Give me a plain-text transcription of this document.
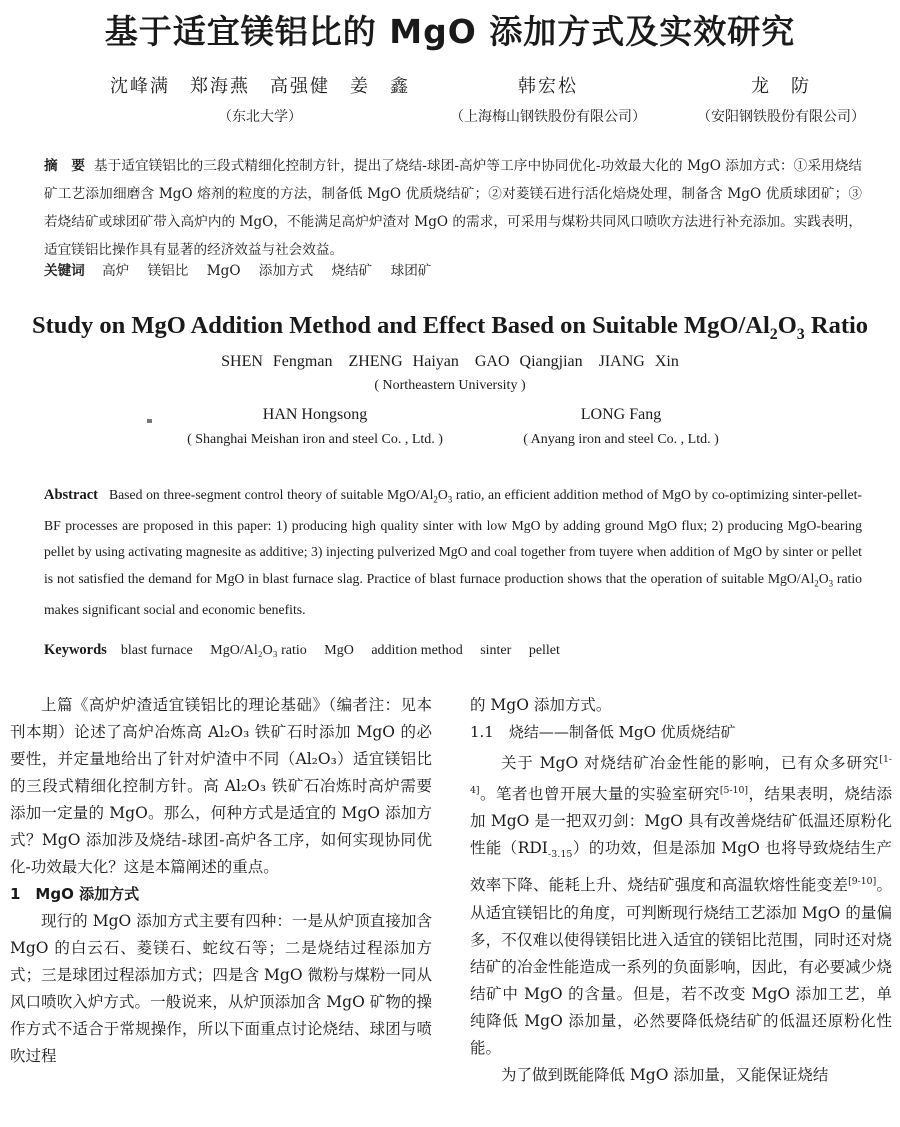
基于适宜镁铝比的 MgO 添加方式及实效研究
沈峰满　郑海燕　高强健　姜　鑫
（东北大学）
韩宏松
（上海梅山钢铁股份有限公司）
龙　防
（安阳钢铁股份有限公司）
摘　要 基于适宜镁铝比的三段式精细化控制方针，提出了烧结-球团-高炉等工序中协同优化-功效最大化的 MgO 添加方式：①采用烧结矿工艺添加细磨含 MgO 熔剂的粒度的方法，制备低 MgO 优质烧结矿；②对菱镁石进行活化焙烧处理，制备含 MgO 优质球团矿；③若烧结矿或球团矿带入高炉内的 MgO，不能满足高炉炉渣对 MgO 的需求，可采用与煤粉共同风口喷吹方法进行补充添加。实践表明，适宜镁铝比操作具有显著的经济效益与社会效益。
关键词 高炉 镁铝比 MgO 添加方式 烧结矿 球团矿
Study on MgO Addition Method and Effect Based on Suitable MgO/$Al_2O_3$ Ratio
SHEN Fengman　ZHENG Haiyan　GAO Qiangjian　JIANG Xin
( Northeastern University )
HAN Hongsong
( Shanghai Meishan iron and steel Co. , Ltd. )
LONG Fang
( Anyang iron and steel Co. , Ltd. )
Abstract Based on three-segment control theory of suitable MgO/$Al_2O_3$ ratio, an efficient addition method of MgO by co-optimizing sinter-pellet-BF processes are proposed in this paper: 1) producing high quality sinter with low MgO by adding ground MgO flux; 2) producing MgO-bearing pellet by using activating magnesite as additive; 3) injecting pulverized MgO and coal together from tuyere when addition of MgO by sinter or pellet is not satisfied the demand for MgO in blast furnace slag. Practice of blast furnace production shows that the operation of suitable MgO/$Al_2O_3$ ratio makes significant social and economic benefits.
Keywords blast furnace MgO/Al₂O₃ ratio MgO addition method sinter pellet

上篇《高炉炉渣适宜镁铝比的理论基础》（编者注：见本刊本期）论述了高炉冶炼高 Al₂O₃ 铁矿石时添加 MgO 的必要性，并定量地给出了针对炉渣中不同（Al₂O₃）适宜镁铝比的三段式精细化控制方针。高 Al₂O₃ 铁矿石冶炼时高炉需要添加一定量的 MgO。那么，何种方式是适宜的 MgO 添加方式？MgO 添加涉及烧结-球团-高炉各工序，如何实现协同优化-功效最大化？这是本篇阐述的重点。

1　MgO 添加方式

现行的 MgO 添加方式主要有四种：一是从炉顶直接加含 MgO 的白云石、菱镁石、蛇纹石等；二是烧结过程添加方式；三是球团过程添加方式；四是含 MgO 微粉与煤粉一同从风口喷吹入炉方式。一般说来，从炉顶添加含 MgO 矿物的操作方式不适合于常规操作，所以下面重点讨论烧结、球团与喷吹过程

的 MgO 添加方式。

1.1　烧结——制备低 MgO 优质烧结矿

关于 MgO 对烧结矿冶金性能的影响，已有众多研究[1-4]。笔者也曾开展大量的实验室研究[5-10]，结果表明，烧结添加 MgO 是一把双刃剑：MgO 具有改善烧结矿低温还原粉化性能$(RDI_{-3.15})$的功效，但是添加 MgO 也将导致烧结生产效率下降、能耗上升、烧结矿强度和高温软熔性能变差[9-10]。从适宜镁铝比的角度，可判断现行烧结工艺添加 MgO 的量偏多，不仅难以使得镁铝比进入适宜的镁铝比范围，同时还对烧结矿的冶金性能造成一系列的负面影响，因此，有必要减少烧结矿中 MgO 的含量。但是，若不改变 MgO 添加工艺，单纯降低 MgO 添加量，必然要降低烧结矿的低温还原粉化性能。

为了做到既能降低 MgO 添加量，又能保证烧结
